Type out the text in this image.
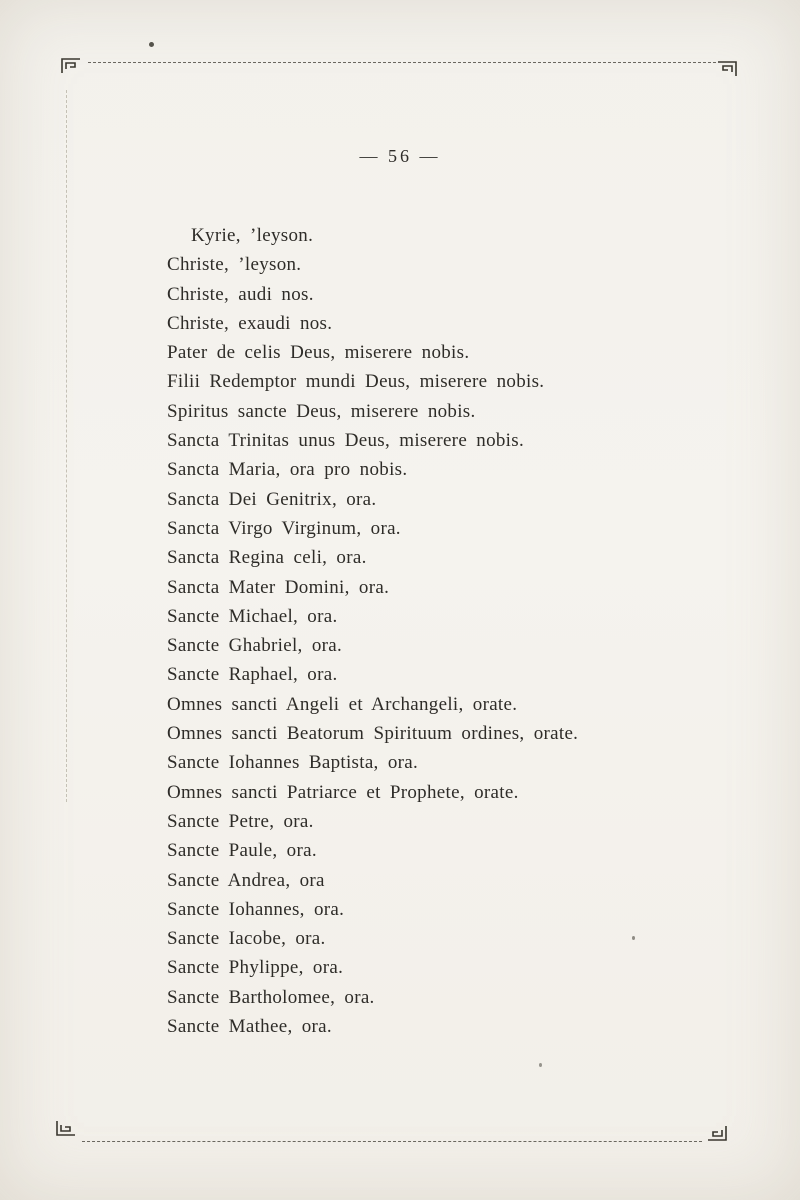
— 56 —
Kyrie, ’leyson.
Christe, ’leyson.
Christe, audi nos.
Christe, exaudi nos.
Pater de celis Deus, miserere nobis.
Filii Redemptor mundi Deus, miserere nobis.
Spiritus sancte Deus, miserere nobis.
Sancta Trinitas unus Deus, miserere nobis.
Sancta Maria, ora pro nobis.
Sancta Dei Genitrix, ora.
Sancta Virgo Virginum, ora.
Sancta Regina celi, ora.
Sancta Mater Domini, ora.
Sancte Michael, ora.
Sancte Ghabriel, ora.
Sancte Raphael, ora.
Omnes sancti Angeli et Archangeli, orate.
Omnes sancti Beatorum Spirituum ordines, orate.
Sancte Iohannes Baptista, ora.
Omnes sancti Patriarce et Prophete, orate.
Sancte Petre, ora.
Sancte Paule, ora.
Sancte Andrea, ora
Sancte Iohannes, ora.
Sancte Iacobe, ora.
Sancte Phylippe, ora.
Sancte Bartholomee, ora.
Sancte Mathee, ora.
